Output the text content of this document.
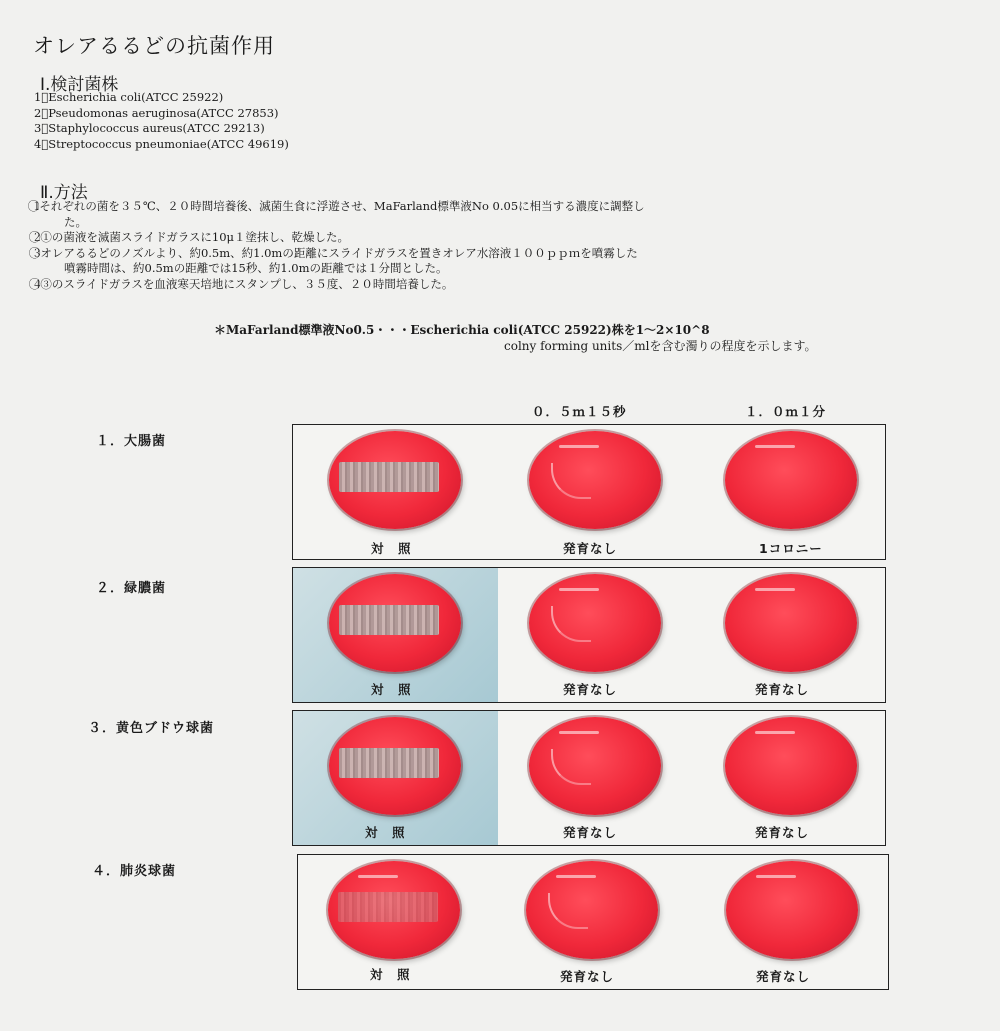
オレアるるどの抗菌作用
Ⅰ.検討菌株
1⃝Escherichia coli(ATCC 25922)
2⃝Pseudomonas aeruginosa(ATCC 27853)
3⃝Staphylococcus aureus(ATCC 29213)
4⃝Streptococcus pneumoniae(ATCC 49619)
Ⅱ.方法
1⃝それぞれの菌を３５℃、２０時間培養後、滅菌生食に浮遊させ、MaFarland標準液No 0.05に相当する濃度に調整し
た。
2⃝①の菌液を滅菌スライドガラスに10μ１塗抹し、乾燥した。
3⃝オレアるるどのノズルより、約0.5m、約1.0mの距離にスライドガラスを置きオレア水溶液１００ｐｐｍを噴霧した
噴霧時間は、約0.5mの距離では15秒、約1.0mの距離では１分間とした。
4⃝③のスライドガラスを血液寒天培地にスタンプし、３５度、２０時間培養した。
＊MaFarland標準液No0.5・・・Escherichia coli(ATCC 25922)株を1～2×10^8
colny forming units／mlを含む濁りの程度を示します。
０．５ｍ１５秒	１．０ｍ１分
１．大腸菌
対　照	発育なし	1コロニー
２．緑膿菌
対　照	発育なし	発育なし
３．黄色ブドウ球菌
対　照	発育なし	発育なし
４．肺炎球菌
対　照	発育なし	発育なし
